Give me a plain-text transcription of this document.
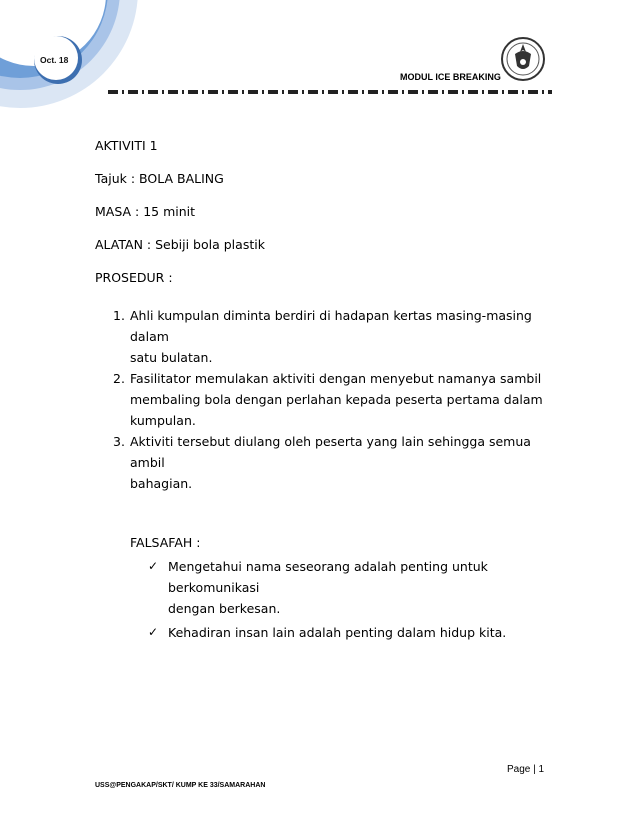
Oct. 18
MODUL ICE BREAKING

AKTIVITI 1

Tajuk : BOLA BALING

MASA : 15 minit

ALATAN : Sebiji bola plastik

PROSEDUR :

1. Ahli kumpulan diminta berdiri di hadapan kertas masing-masing dalam
satu bulatan.
2. Fasilitator memulakan aktiviti dengan menyebut namanya sambil
membaling bola dengan perlahan kepada peserta pertama dalam
kumpulan.
3. Aktiviti tersebut diulang oleh peserta yang lain sehingga semua ambil
bahagian.
FALSAFAH :
✓ Mengetahui nama seseorang adalah penting untuk berkomunikasi
dengan berkesan.
✓ Kehadiran insan lain adalah penting dalam hidup kita.
Page | 1
USS@PENGAKAP/SKT/ KUMP KE 33/SAMARAHAN
